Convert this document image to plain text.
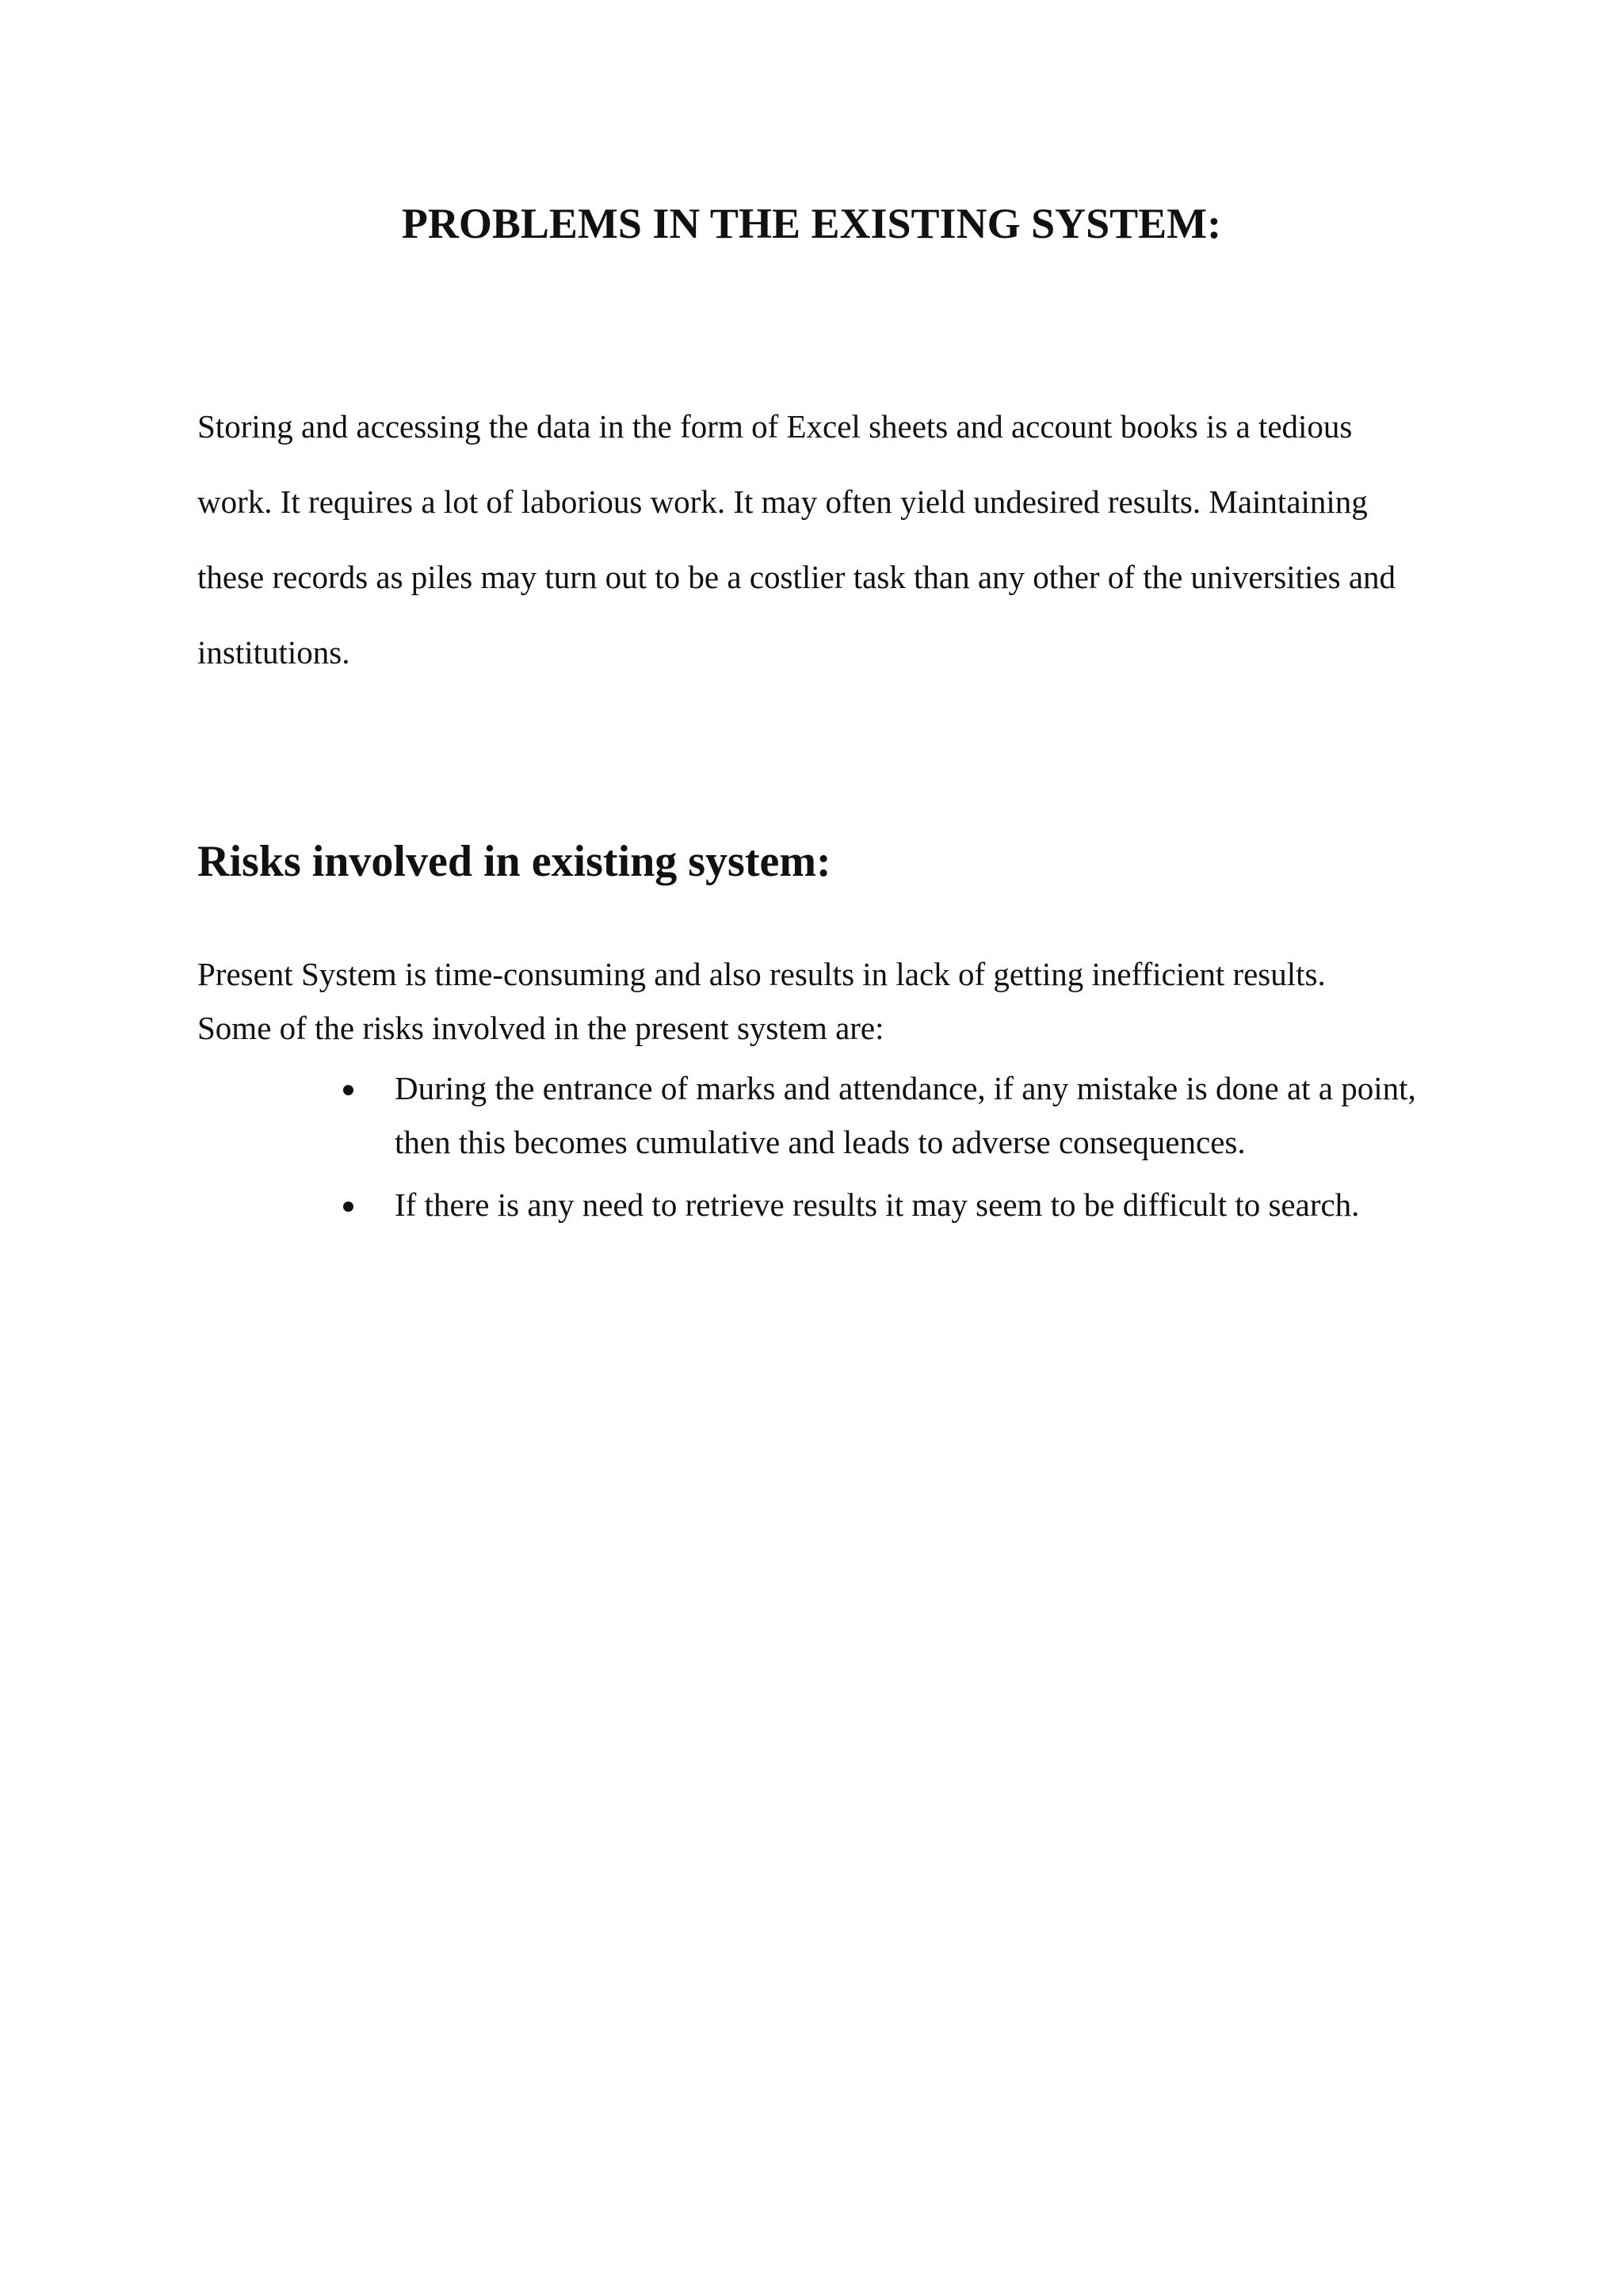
PROBLEMS IN THE EXISTING SYSTEM:

Storing and accessing the data in the form of Excel sheets and account books is a tedious

work. It requires a lot of laborious work. It may often yield undesired results. Maintaining

these records as piles may turn out to be a costlier task than any other of the universities and

institutions.

Risks involved in existing system:

Present System is time-consuming and also results in lack of getting inefficient results.

Some of the risks involved in the present system are:

During the entrance of marks and attendance, if any mistake is done at a point,

then this becomes cumulative and leads to adverse consequences.

If there is any need to retrieve results it may seem to be difficult to search.
